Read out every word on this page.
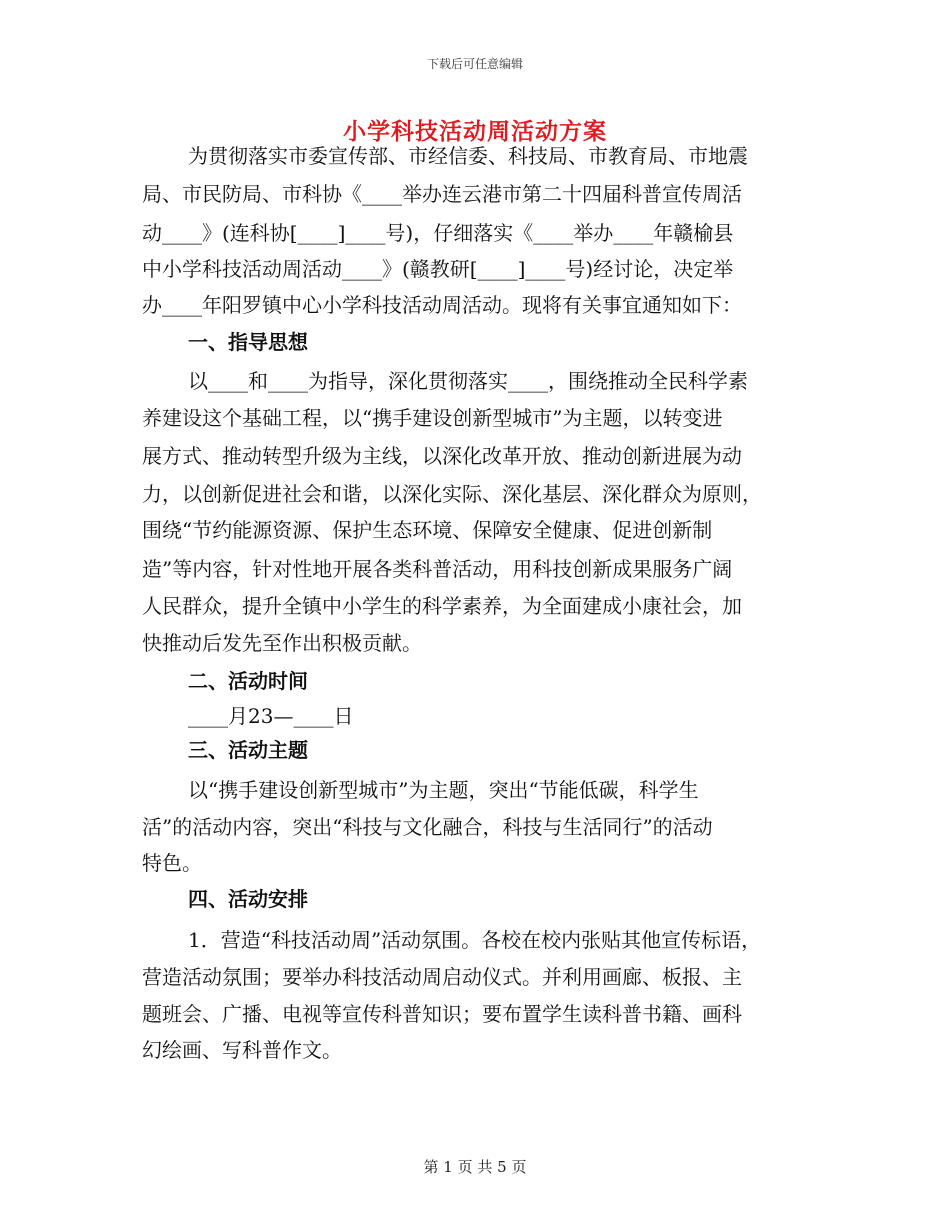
下载后可任意编辑
小学科技活动周活动方案
为贯彻落实市委宣传部、市经信委、科技局、市教育局、市地震
局、市民防局、市科协《____举办连云港市第二十四届科普宣传周活
动____》(连科协[____]____号)，仔细落实《____举办____年赣榆县
中小学科技活动周活动____》(赣教研[____]____号)经讨论，决定举
办____年阳罗镇中心小学科技活动周活动。现将有关事宜通知如下：
一、指导思想
以____和____为指导，深化贯彻落实____，围绕推动全民科学素
养建设这个基础工程，以“携手建设创新型城市”为主题，以转变进
展方式、推动转型升级为主线，以深化改革开放、推动创新进展为动
力，以创新促进社会和谐，以深化实际、深化基层、深化群众为原则，
围绕“节约能源资源、保护生态环境、保障安全健康、促进创新制
造”等内容，针对性地开展各类科普活动，用科技创新成果服务广阔
人民群众，提升全镇中小学生的科学素养，为全面建成小康社会，加
快推动后发先至作出积极贡献。
二、活动时间
____月23—____日
三、活动主题
以“携手建设创新型城市”为主题，突出“节能低碳，科学生
活”的活动内容，突出“科技与文化融合，科技与生活同行”的活动
特色。
四、活动安排
1．营造“科技活动周”活动氛围。各校在校内张贴其他宣传标语，
营造活动氛围；要举办科技活动周启动仪式。并利用画廊、板报、主
题班会、广播、电视等宣传科普知识；要布置学生读科普书籍、画科
幻绘画、写科普作文。
第 1 页 共 5 页
